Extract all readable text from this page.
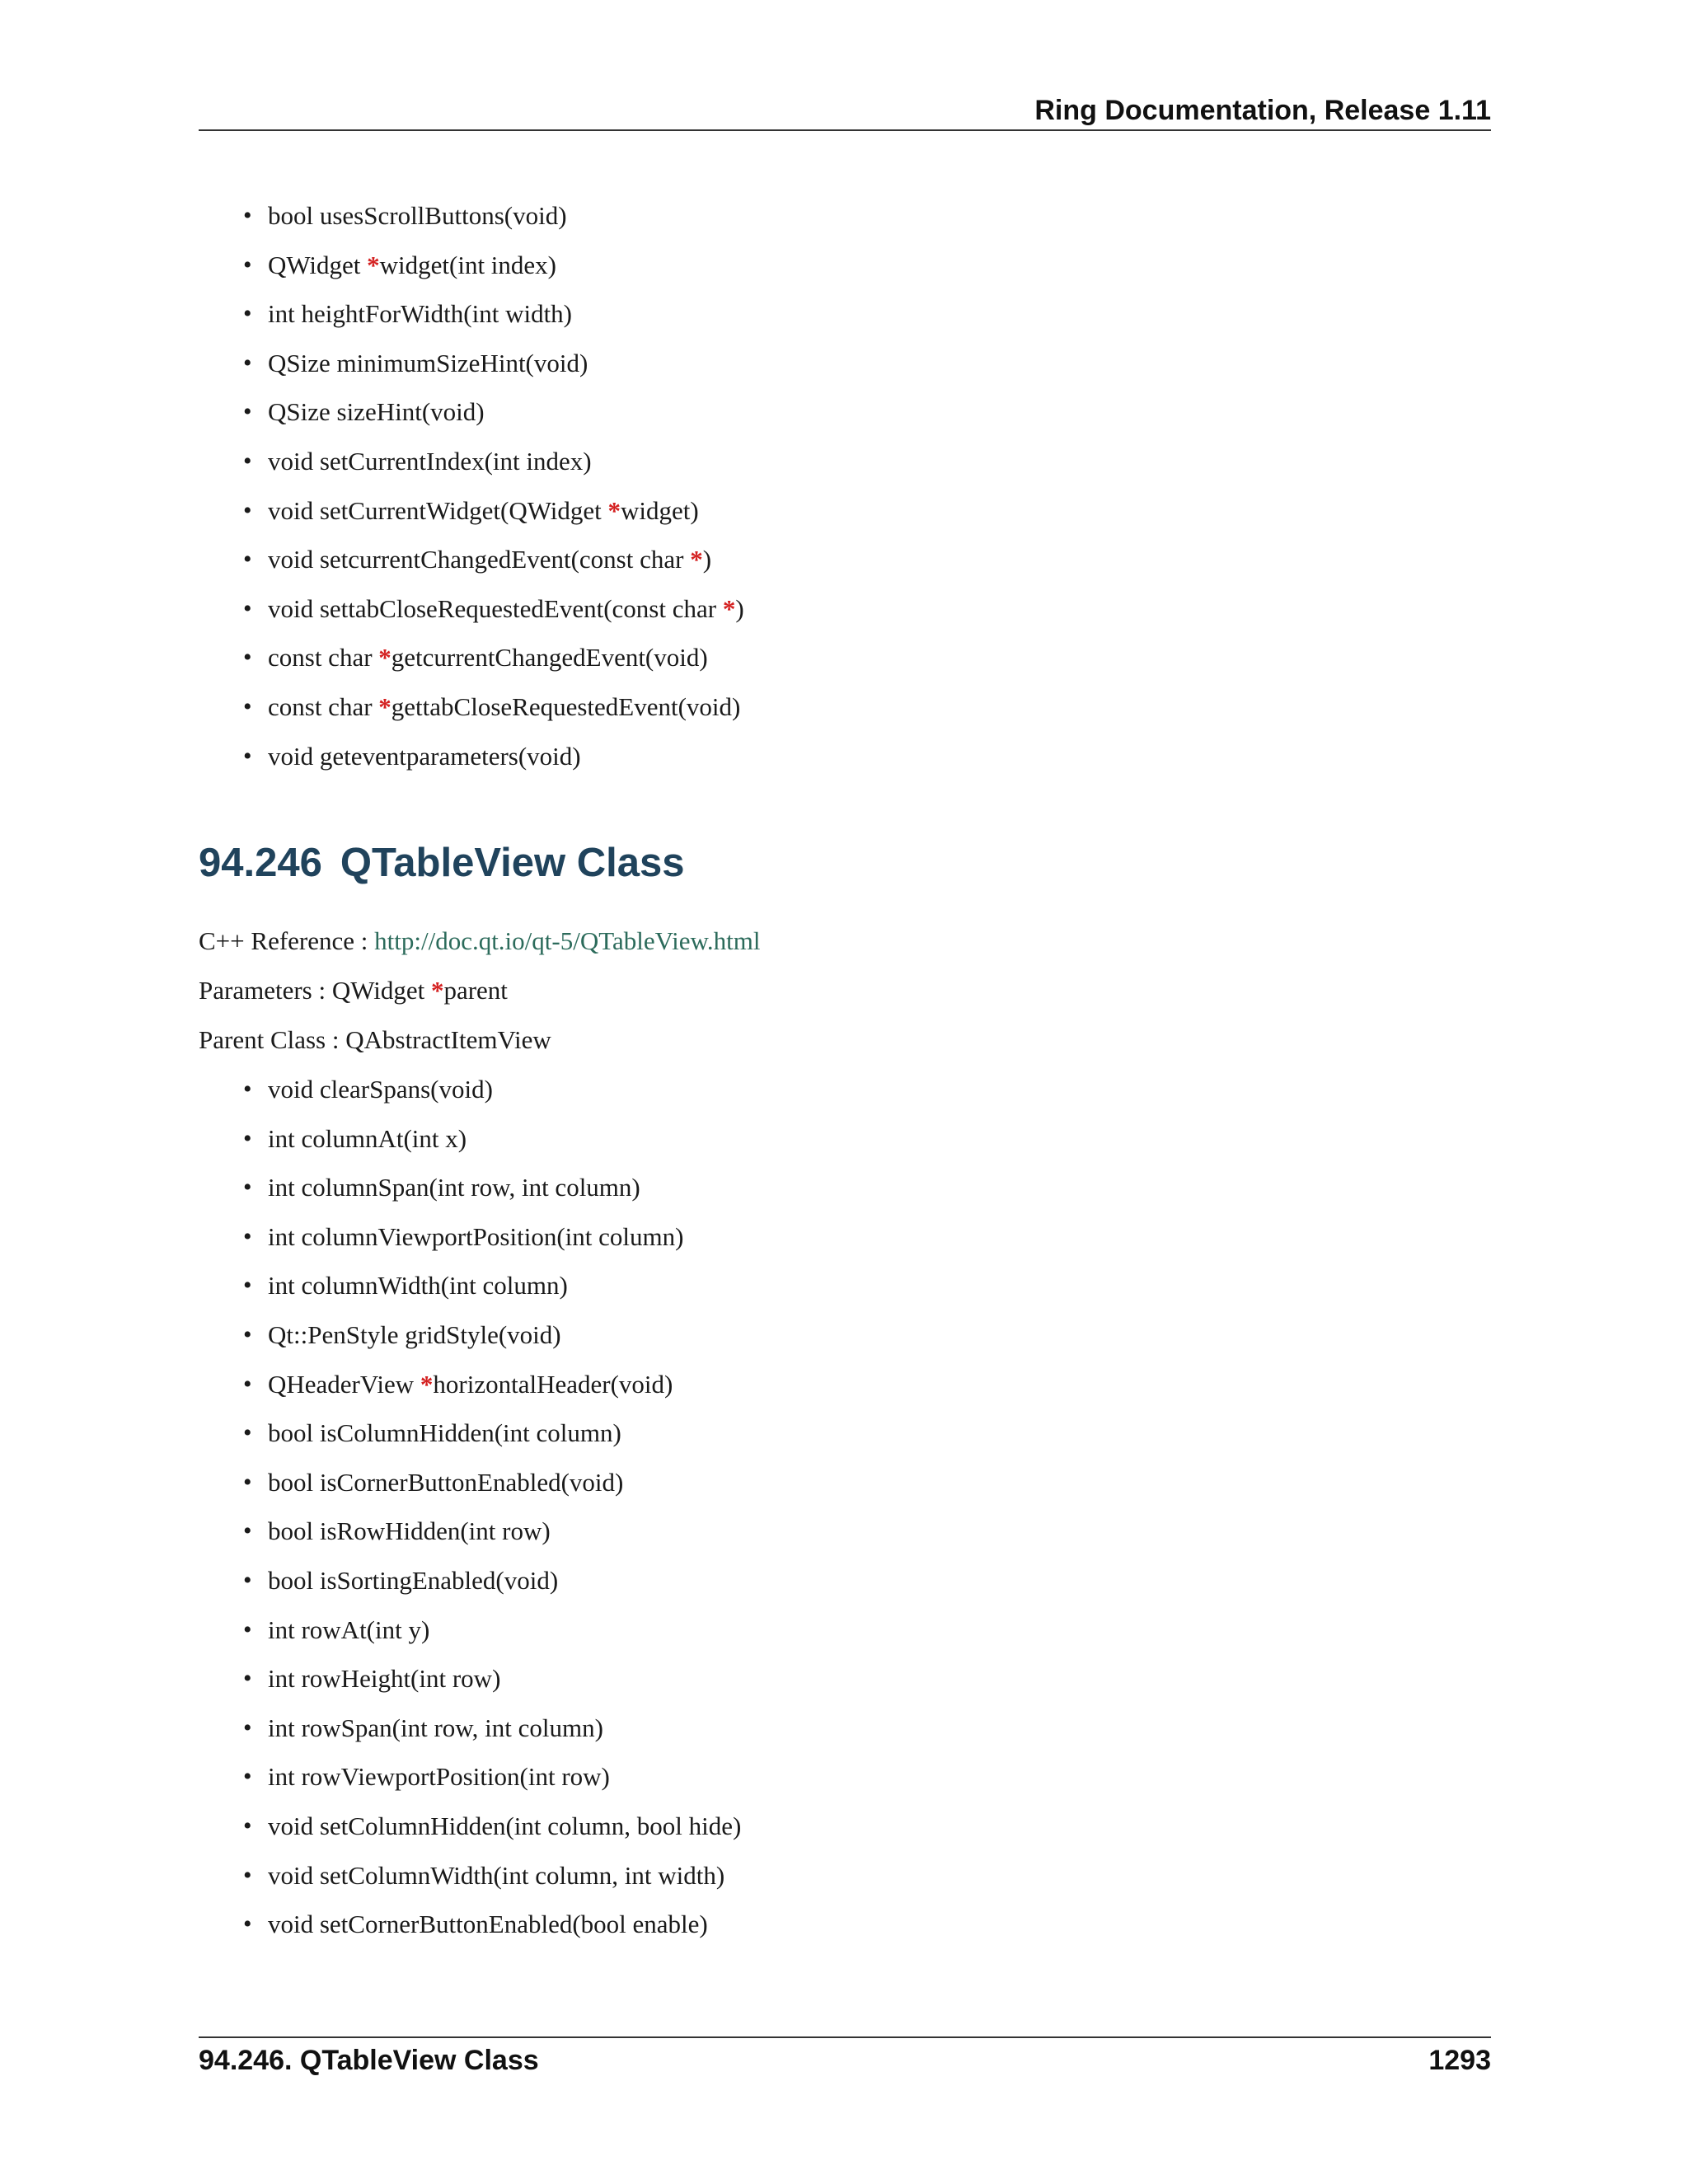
Ring Documentation, Release 1.11
• bool usesScrollButtons(void)
• QWidget *widget(int index)
• int heightForWidth(int width)
• QSize minimumSizeHint(void)
• QSize sizeHint(void)
• void setCurrentIndex(int index)
• void setCurrentWidget(QWidget *widget)
• void setcurrentChangedEvent(const char *)
• void settabCloseRequestedEvent(const char *)
• const char *getcurrentChangedEvent(void)
• const char *gettabCloseRequestedEvent(void)
• void geteventparameters(void)
94.246 QTableView Class
C++ Reference : http://doc.qt.io/qt-5/QTableView.html
Parameters : QWidget *parent
Parent Class : QAbstractItemView
• void clearSpans(void)
• int columnAt(int x)
• int columnSpan(int row, int column)
• int columnViewportPosition(int column)
• int columnWidth(int column)
• Qt::PenStyle gridStyle(void)
• QHeaderView *horizontalHeader(void)
• bool isColumnHidden(int column)
• bool isCornerButtonEnabled(void)
• bool isRowHidden(int row)
• bool isSortingEnabled(void)
• int rowAt(int y)
• int rowHeight(int row)
• int rowSpan(int row, int column)
• int rowViewportPosition(int row)
• void setColumnHidden(int column, bool hide)
• void setColumnWidth(int column, int width)
• void setCornerButtonEnabled(bool enable)
94.246. QTableView Class	1293
